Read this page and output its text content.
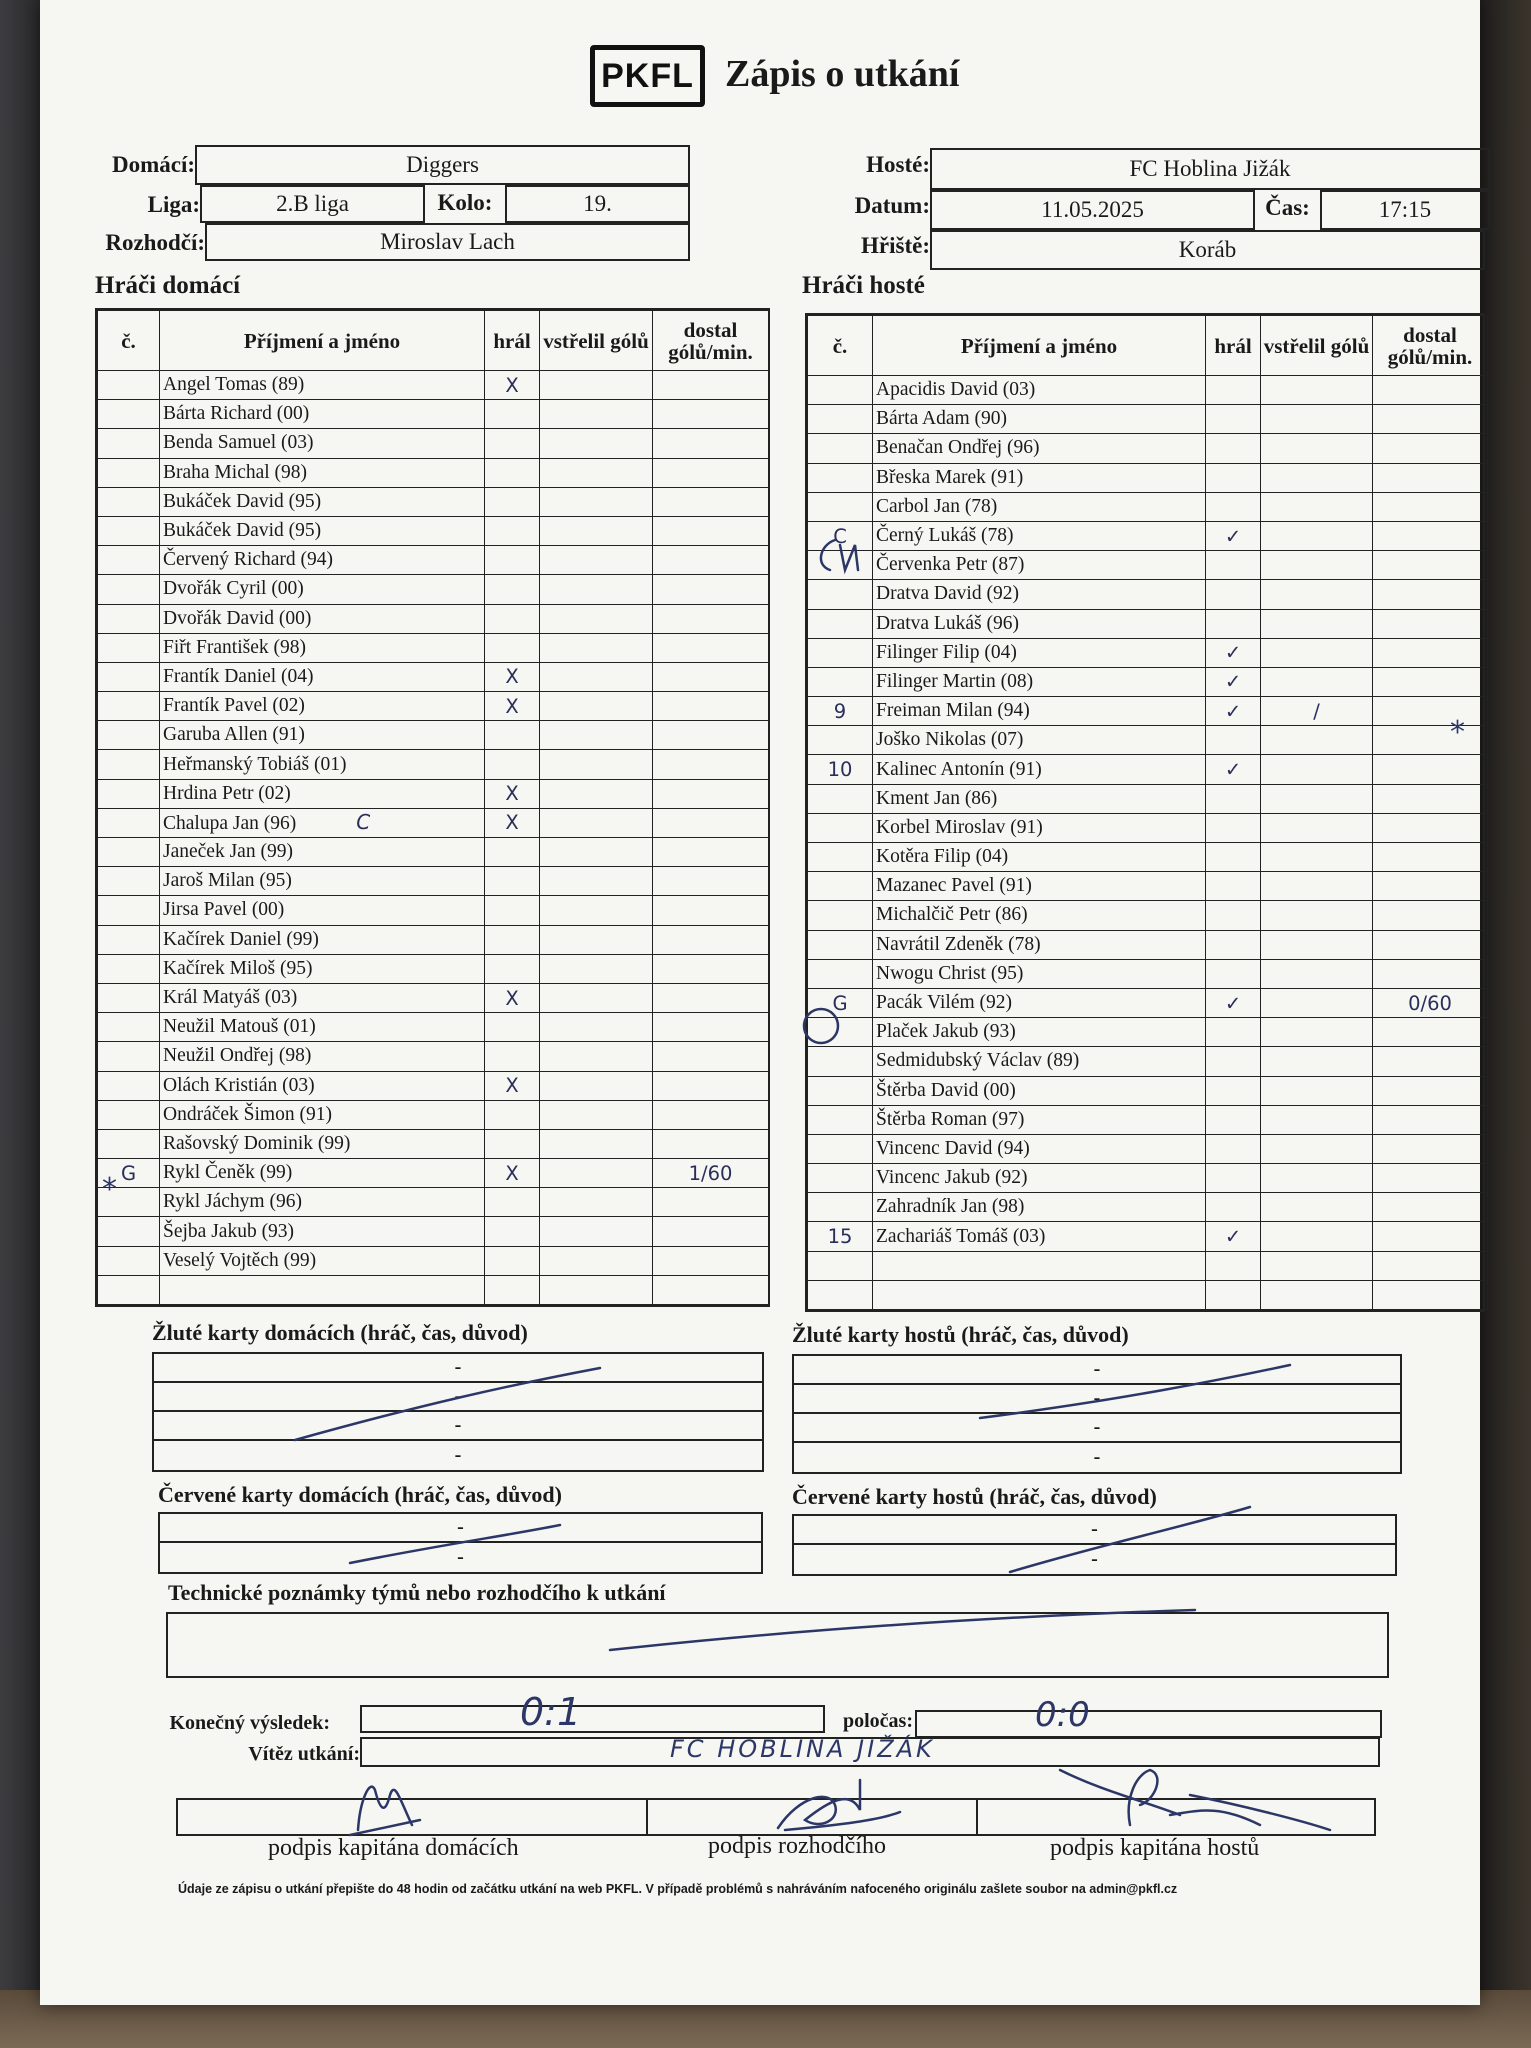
PKFL Zápis o utkání
Domácí:	Diggers
Liga:	2.B liga	Kolo:	19.
Rozhodčí:	Miroslav Lach
Hosté:	FC Hoblina Jižák
Datum:	11.05.2025	Čas:	17:15
Hřiště:	Koráb
Hráči domácí	Hráči hosté
č.	Příjmení a jméno	hrál	vstřelil gólů	dostal gólů/min.
	Angel Tomas (89)	X		
	Bárta Richard (00)			
	Benda Samuel (03)			
	Braha Michal (98)			
	Bukáček David (95)			
	Bukáček David (95)			
	Červený Richard (94)			
	Dvořák Cyril (00)			
	Dvořák David (00)			
	Fiřt František (98)			
	Frantík Daniel (04)	X		
	Frantík Pavel (02)	X		
	Garuba Allen (91)			
	Heřmanský Tobiáš (01)			
	Hrdina Petr (02)	X		
	Chalupa Jan (96) C	X		
	Janeček Jan (99)			
	Jaroš Milan (95)			
	Jirsa Pavel (00)			
	Kačírek Daniel (99)			
	Kačírek Miloš (95)			
	Král Matyáš (03)	X		
	Neužil Matouš (01)			
	Neužil Ondřej (98)			
	Olách Kristián (03)	X		
	Ondráček Šimon (91)			
	Rašovský Dominik (99)			
G	Rykl Čeněk (99)	X		1/60
	Rykl Jáchym (96)			
	Šejba Jakub (93)			
	Veselý Vojtěch (99)			

č.	Příjmení a jméno	hrál	vstřelil gólů	dostal gólů/min.
	Apacidis David (03)			
	Bárta Adam (90)			
	Benačan Ondřej (96)			
	Břeska Marek (91)			
	Carbol Jan (78)			
C	Černý Lukáš (78)	✓		
	Červenka Petr (87)			
	Dratva David (92)			
	Dratva Lukáš (96)			
	Filinger Filip (04)	✓		
	Filinger Martin (08)	✓		
9	Freiman Milan (94)	✓	/	
	Joško Nikolas (07)			
10	Kalinec Antonín (91)	✓		
	Kment Jan (86)			
	Korbel Miroslav (91)			
	Kotěra Filip (04)			
	Mazanec Pavel (91)			
	Michalčič Petr (86)			
	Navrátil Zdeněk (78)			
	Nwogu Christ (95)			
G	Pacák Vilém (92)	✓		0/60
	Plaček Jakub (93)			
	Sedmidubský Václav (89)			
	Štěrba David (00)			
	Štěrba Roman (97)			
	Vincenc David (94)			
	Vincenc Jakub (92)			
	Zahradník Jan (98)			
15	Zachariáš Tomáš (03)	✓		

*
*
Žluté karty domácích (hráč, čas, důvod)
-
-
-
-
Žluté karty hostů (hráč, čas, důvod)
-
-
-
-
Červené karty domácích (hráč, čas, důvod)
-
-
Červené karty hostů (hráč, čas, důvod)
-
-
Technické poznámky týmů nebo rozhodčího k utkání
Konečný výsledek:	0:1	poločas:	0:0
Vítěz utkání:	FC HOBLINA JIŽÁK
podpis kapitána domácích	podpis rozhodčího	podpis kapitána hostů
Údaje ze zápisu o utkání přepište do 48 hodin od začátku utkání na web PKFL. V případě problémů s nahráváním nafoceného originálu zašlete soubor na admin@pkfl.cz
